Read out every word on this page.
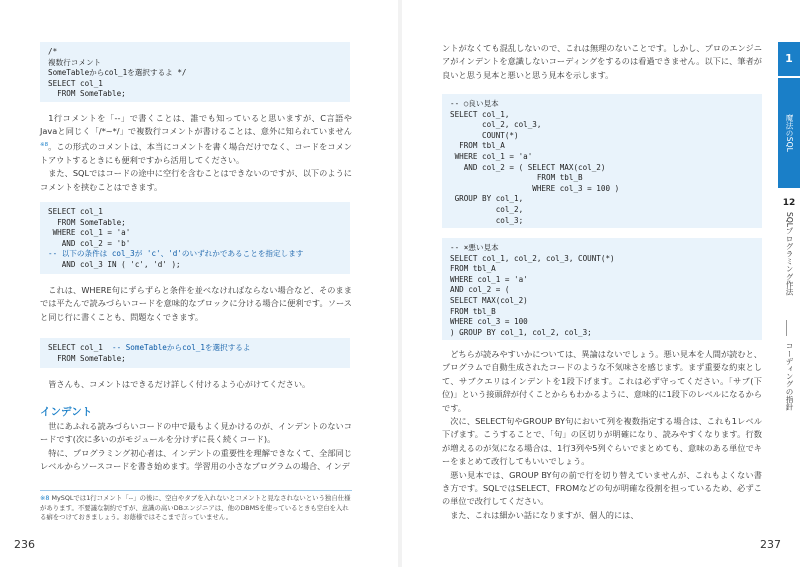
/*
複数行コメント
SomeTableからcol_1を選択するよ */
SELECT col_1
FROM SomeTable;

1行コメントを「--」で書くことは、誰でも知っていると思いますが、C言語やJavaと同じく「/*~*/」で複数行コメントが書けることは、意外に知られていません$^{※8}$。この形式のコメントは、本当にコメントを書く場合だけでなく、コードをコメントアウトするときにも便利ですから活用してください。

また、SQLではコードの途中に空行を含むことはできないのですが、以下のようにコメントを挟むことはできます。

SELECT col_1
FROM SomeTable;
WHERE col_1 = 'a'
AND col_2 = 'b'
-- 以下の条件は col_3が 'c'、'd'のいずれかであることを指定します
AND col_3 IN ( 'c', 'd' );

これは、WHERE句にずらずらと条件を並べなければならない場合など、そのままでは平たんで読みづらいコードを意味的なブロックに分ける場合に便利です。ソースと同じ行に書くことも、問題なくできます。

SELECT col_1  -- SomeTableからcol_1を選択するよ
FROM SomeTable;

皆さんも、コメントはできるだけ詳しく付けるよう心がけてください。

インデント

世にあふれる読みづらいコードの中で最もよく見かけるのが、インデントのないコードです(次に多いのがモジュールを分けずに長く続くコード)。

特に、プログラミング初心者は、インデントの重要性を理解できなくて、全部同じレベルからソースコードを書き始めます。学習用の小さなプログラムの場合、インデ

※8 MySQLでは1行コメント「--」の後に、空白やタブを入れないとコメントと見なされないという独自仕様があります。不要議な制約ですが、意識の高いDBエンジニアは、他のDBMSを使っているときも空白を入れる癖をつけておきましょう。お蔭様ではそこまで言っていません。
236

ントがなくても混乱しないので、これは無理のないことです。しかし、プロのエンジニアがインデントを意識しないコーディングをするのは看過できません。以下に、筆者が良いと思う見本と悪いと思う見本を示します。

-- ○良い見本
SELECT col_1,
col_2, col_3,
COUNT(*)
FROM tbl_A
WHERE col_1 = 'a'
AND col_2 = ( SELECT MAX(col_2)
FROM tbl_B
WHERE col_3 = 100 )
GROUP BY col_1,
col_2,
col_3;
-- ×悪い見本
SELECT col_1, col_2, col_3, COUNT(*)
FROM tbl_A
WHERE col_1 = 'a'
AND col_2 = (
SELECT MAX(col_2)
FROM tbl_B
WHERE col_3 = 100
) GROUP BY col_1, col_2, col_3;

どちらが読みやすいかについては、異論はないでしょう。悪い見本を人間が読むと、プログラムで自動生成されたコードのような不気味さを感じます。まず重要な約束として、サブクエリはインデントを1段下げます。これは必ず守ってください。「サブ(下位)」という接頭辞が付くことからもわかるように、意味的に1段下のレベルになるからです。

次に、SELECT句やGROUP BY句において列を複数指定する場合は、これも1レベル下げます。こうすることで、「句」の区切りが明確になり、読みやすくなります。行数が増えるのが気になる場合は、1行3列や5列ぐらいでまとめても、意味のある単位でキーをまとめて改行してもいいでしょう。

悪い見本では、GROUP BY句の前で行を切り替えていませんが、これもよくない書き方です。SQLではSELECT、FROMなどの句が明確な役割を担っているため、必ずこの単位で改行してください。

また、これは細かい話になりますが、個人的には、

237
1
魔法のSQL
12
SQLプログラミング作法
コーディングの指針
